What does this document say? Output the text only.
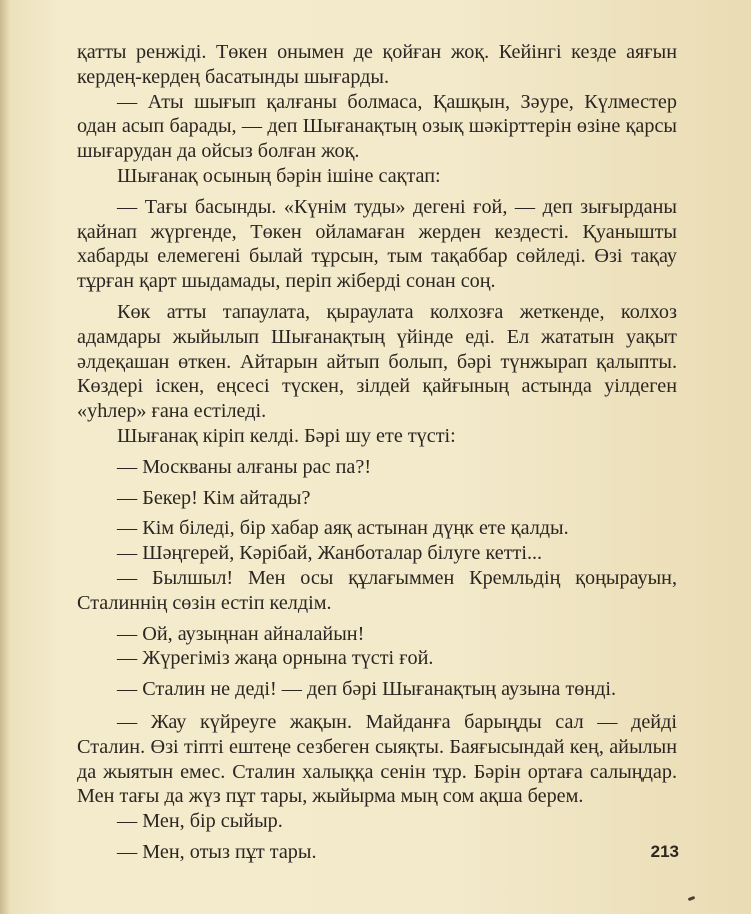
қатты ренжіді. Төкен онымен де қойған жоқ. Кейінгі кезде аяғын кердең-кердең басатынды шығарды.

— Аты шығып қалғаны болмаса, Қашқын, Зәуре, Күлместер одан асып барады, — деп Шығанақтың озық шәкірттерін өзіне қарсы шығарудан да ойсыз болған жоқ.

Шығанақ осының бәрін ішіне сақтап:

— Тағы басынды. «Күнім туды» дегені ғой, — деп зығырданы қайнап жүргенде, Төкен ойламаған жерден кездесті. Қуанышты хабарды елемегені былай тұрсын, тым тақаббар сөйледі. Өзі тақау тұрған қарт шыдамады, періп жіберді сонан соң.

Көк атты тапаулата, қыраулата колхозға жеткенде, колхоз адамдары жыйылып Шығанақтың үйінде еді. Ел жататын уақыт әлдеқашан өткен. Айтарын айтып болып, бәрі түнжырап қалыпты. Көздері іскен, еңсесі түскен, зілдей қайғының астында уілдеген «уһлер» ғана естіледі.

Шығанақ кіріп келді. Бәрі шу ете түсті:

— Москваны алғаны рас па?!

— Бекер! Кім айтады?

— Кім біледі, бір хабар аяқ астынан дүңк ете қалды.

— Шәңгерей, Кәрібай, Жанботалар білуге кетті...

— Былшыл! Мен осы құлағыммен Кремльдің қоңырауын, Сталиннің сөзін естіп келдім.

— Ой, аузыңнан айналайын!

— Жүрегіміз жаңа орнына түсті ғой.

— Сталин не деді! — деп бәрі Шығанақтың аузына төнді.

— Жау күйреуге жақын. Майданға барыңды сал — дейді Сталин. Өзі тіпті ештеңе сезбеген сыяқты. Баяғысындай кең, айылын да жыятын емес. Сталин халыққа сенін тұр. Бәрін ортаға салыңдар. Мен тағы да жүз пұт тары, жыйырма мың сом ақша берем.

— Мен, бір сыйыр.

— Мен, отыз пұт тары.	213
